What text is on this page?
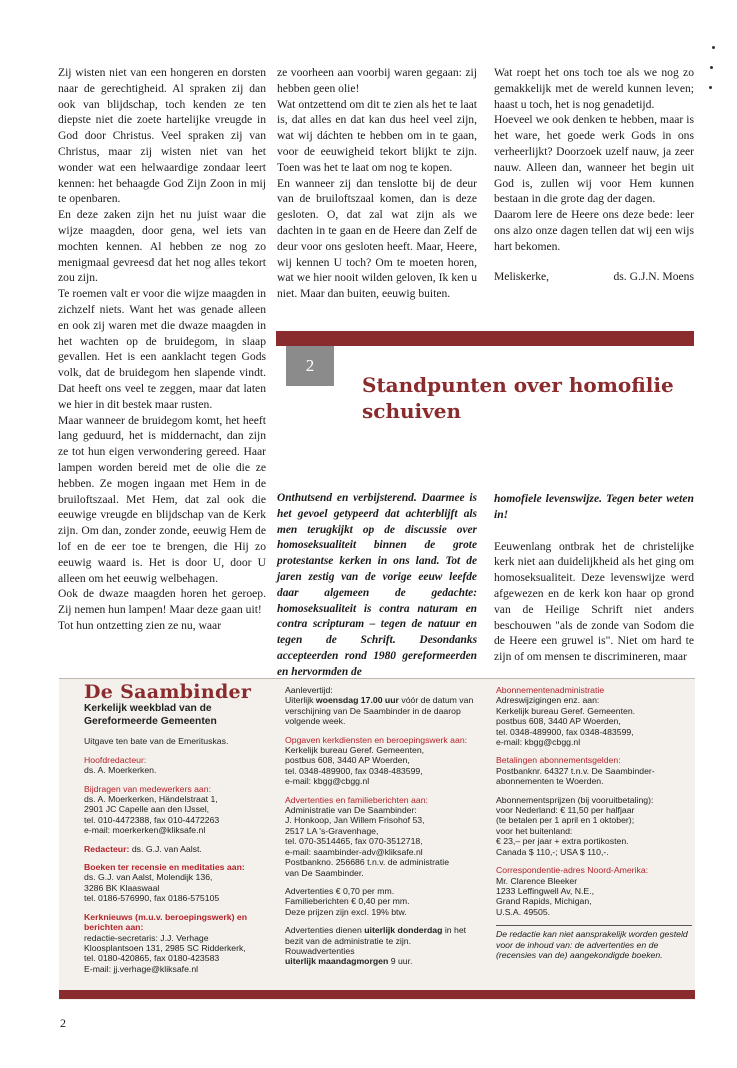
Zij wisten niet van een hongeren en dorsten naar de gerechtigheid. Al spraken zij dan ook van blijdschap, toch kenden ze ten diepste niet die zoete hartelijke vreugde in God door Christus. Veel spraken zij van Christus, maar zij wisten niet van het wonder wat een helwaardige zondaar leert kennen: het behaagde God Zijn Zoon in mij te openbaren.

En deze zaken zijn het nu juist waar die wijze maagden, door gena, wel iets van mochten kennen. Al hebben ze nog zo menigmaal gevreesd dat het nog alles tekort zou zijn.

Te roemen valt er voor die wijze maagden in zichzelf niets. Want het was genade alleen en ook zij waren met die dwaze maagden in het wachten op de bruidegom, in slaap gevallen. Het is een aanklacht tegen Gods volk, dat de bruidegom hen slapende vindt. Dat heeft ons veel te zeggen, maar dat laten we hier in dit bestek maar rusten.

Maar wanneer de bruidegom komt, het heeft lang geduurd, het is middernacht, dan zijn ze tot hun eigen verwondering gereed. Haar lampen worden bereid met de olie die ze hebben. Ze mogen ingaan met Hem in de bruiloftszaal. Met Hem, dat zal ook die eeuwige vreugde en blijdschap van de Kerk zijn. Om dan, zonder zonde, eeuwig Hem de lof en de eer toe te brengen, die Hij zo eeuwig waard is. Het is door U, door U alleen om het eeuwig welbehagen.

Ook de dwaze maagden horen het geroep. Zij nemen hun lampen! Maar deze gaan uit!

Tot hun ontzetting zien ze nu, waar

ze voorheen aan voorbij waren gegaan: zij hebben geen olie!

Wat ontzettend om dit te zien als het te laat is, dat alles en dat kan dus heel veel zijn, wat wij dáchten te hebben om in te gaan, voor de eeuwigheid tekort blijkt te zijn. Toen was het te laat om nog te kopen.

En wanneer zij dan tenslotte bij de deur van de bruiloftszaal komen, dan is deze gesloten. O, dat zal wat zijn als we dachten in te gaan en de Heere dan Zelf de deur voor ons gesloten heeft. Maar, Heere, wij kennen U toch? Om te moeten horen, wat we hier nooit wilden geloven, Ik ken u niet. Maar dan buiten, eeuwig buiten.

Wat roept het ons toch toe als we nog zo gemakkelijk met de wereld kunnen leven; haast u toch, het is nog genadetijd.

Hoeveel we ook denken te hebben, maar is het ware, het goede werk Gods in ons verheerlijkt? Doorzoek uzelf nauw, ja zeer nauw. Alleen dan, wanneer het begin uit God is, zullen wij voor Hem kunnen bestaan in die grote dag der dagen.

Daarom lere de Heere ons deze bede: leer ons alzo onze dagen tellen dat wij een wijs hart bekomen.

Meliskerke,	ds. G.J.N. Moens
2
Standpunten over homofilie schuiven
Onthutsend en verbijsterend. Daarmee is het gevoel getypeerd dat achterblijft als men terugkijkt op de discussie over homoseksualiteit binnen de grote protestantse kerken in ons land. Tot de jaren zestig van de vorige eeuw leefde daar algemeen de gedachte: homoseksualiteit is contra naturam en contra scripturam – tegen de natuur en tegen de Schrift. Desondanks accepteerden rond 1980 gereformeerden en hervormden de
homofiele levenswijze. Tegen beter weten in!
Eeuwenlang ontbrak het de christelijke kerk niet aan duidelijkheid als het ging om homoseksualiteit. Deze levenswijze werd afgewezen en de kerk kon haar op grond van de Heilige Schrift niet anders beschouwen "als de zonde van Sodom die de Heere een gruwel is". Niet om hard te zijn of om mensen te discrimineren, maar
De Saambinder
Kerkelijk weekblad van de Gereformeerde Gemeenten
Uitgave ten bate van de Emerituskas.
Hoofdredacteur:
ds. A. Moerkerken.
Bijdragen van medewerkers aan:
ds. A. Moerkerken, Händelstraat 1,
2901 JC Capelle aan den IJssel,
tel. 010-4472388, fax 010-4472263
e-mail: moerkerken@kliksafe.nl
Redacteur: ds. G.J. van Aalst.
Boeken ter recensie en meditaties aan:
ds. G.J. van Aalst, Molendijk 136,
3286 BK Klaaswaal
tel. 0186-576990, fax 0186-575105
Kerknieuws (m.u.v. beroepingswerk) en berichten aan:
redactie-secretaris: J.J. Verhage
Kloosplantsoen 131, 2985 SC Ridderkerk,
tel. 0180-420865, fax 0180-423583
E-mail: jj.verhage@kliksafe.nl
Aanlevertijd:
Uiterlijk woensdag 17.00 uur vóór de datum van verschijning van De Saambinder in de daarop volgende week.
Opgaven kerkdiensten en beroepingswerk aan:
Kerkelijk bureau Geref. Gemeenten,
postbus 608, 3440 AP Woerden,
tel. 0348-489900, fax 0348-483599,
e-mail: kbgg@cbgg.nl
Advertenties en familieberichten aan:
Administratie van De Saambinder:
J. Honkoop, Jan Willem Frisohof 53,
2517 LA 's-Gravenhage,
tel. 070-3514465, fax 070-3512718,
e-mail: saambinder-adv@kliksafe.nl
Postbankno. 256686 t.n.v. de administratie
van De Saambinder.
Advertenties € 0,70 per mm.
Familieberichten € 0,40 per mm.
Deze prijzen zijn excl. 19% btw.
Advertenties dienen uiterlijk donderdag in het bezit van de administratie te zijn.
Rouwadvertenties
uiterlijk maandagmorgen 9 uur.
Abonnementenadministratie
Adreswijzigingen enz. aan:
Kerkelijk bureau Geref. Gemeenten.
postbus 608, 3440 AP Woerden,
tel. 0348-489900, fax 0348-483599,
e-mail: kbgg@cbgg.nl
Betalingen abonnementsgelden:
Postbanknr. 64327 t.n.v. De Saambinder-
abonnementen te Woerden.
Abonnementsprijzen (bij vooruitbetaling):
voor Nederland: € 11,50 per halfjaar
(te betalen per 1 april en 1 oktober);
voor het buitenland:
€ 23,– per jaar + extra portikosten.
Canada $ 110,-; USA $ 110,-.
Correspondentie-adres Noord-Amerika:
Mr. Clarence Bleeker
1233 Leffingwell Av, N.E.,
Grand Rapids, Michigan,
U.S.A. 49505.
De redactie kan niet aansprakelijk worden gesteld voor de inhoud van: de advertenties en de (recensies van de) aangekondigde boeken.
2
